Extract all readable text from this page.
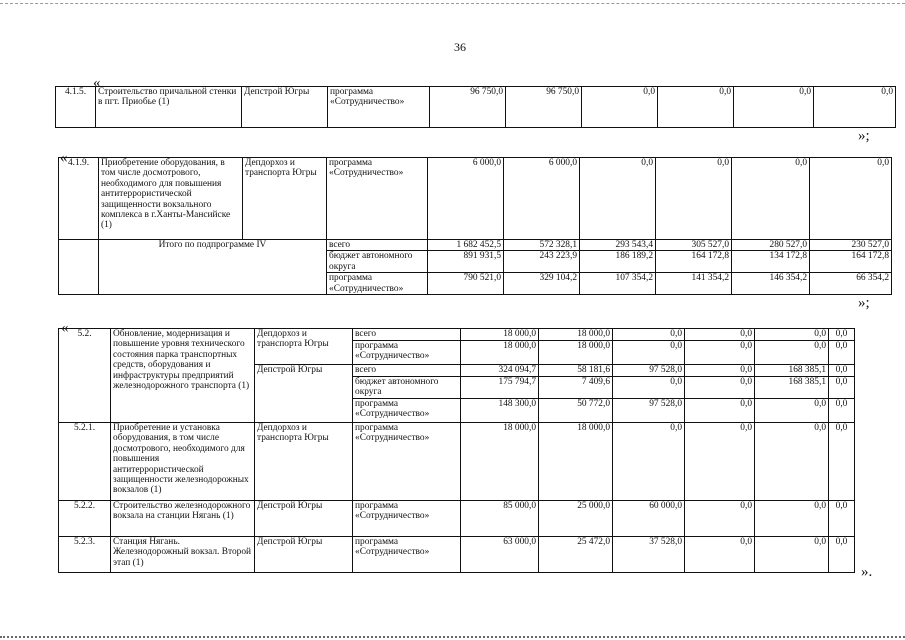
36
«
4.1.5.	Строительство причальной стенки в пгт. Приобье (1)	Депстрой Югры	программа «Сотрудничество»	96 750,0	96 750,0	0,0	0,0	0,0	0,0
»;
« 4.1.9.	Приобретение оборудования, в том числе досмотрового, необходимого для повышения антитеррористической защищенности вокзального комплекса в г.Ханты-Мансийске (1)	Депдорхоз и транспорта Югры	программа «Сотрудничество»	6 000,0	6 000,0	0,0	0,0	0,0	0,0
	Итого по подпрограмме IV		всего	1 682 452,5	572 328,1	293 543,4	305 527,0	280 527,0	230 527,0
			бюджет автономного округа	891 931,5	243 223,9	186 189,2	164 172,8	134 172,8	164 172,8
			программа «Сотрудничество»	790 521,0	329 104,2	107 354,2	141 354,2	146 354,2	66 354,2
»;
« 5.2.	Обновление, модернизация и повышение уровня технического состояния парка транспортных средств, оборудования и инфраструктуры предприятий железнодорожного транспорта (1)	Депдорхоз и транспорта Югры	всего	18 000,0	18 000,0	0,0	0,0	0,0	0,0
			программа «Сотрудничество»	18 000,0	18 000,0	0,0	0,0	0,0	0,0
		Депстрой Югры	всего	324 094,7	58 181,6	97 528,0	0,0	168 385,1	0,0
			бюджет автономного округа	175 794,7	7 409,6	0,0	0,0	168 385,1	0,0
			программа «Сотрудничество»	148 300,0	50 772,0	97 528,0	0,0	0,0	0,0
5.2.1.	Приобретение и установка оборудования, в том числе досмотрового, необходимого для повышения антитеррористической защищенности железнодорожных вокзалов (1)	Депдорхоз и транспорта Югры	программа «Сотрудничество»	18 000,0	18 000,0	0,0	0,0	0,0	0,0
5.2.2.	Строительство железнодорожного вокзала на станции Нягань (1)	Депстрой Югры	программа «Сотрудничество»	85 000,0	25 000,0	60 000,0	0,0	0,0	0,0
5.2.3.	Станция Нягань. Железнодорожный вокзал. Второй этап (1)	Депстрой Югры	программа «Сотрудничество»	63 000,0	25 472,0	37 528,0	0,0	0,0	0,0
».
